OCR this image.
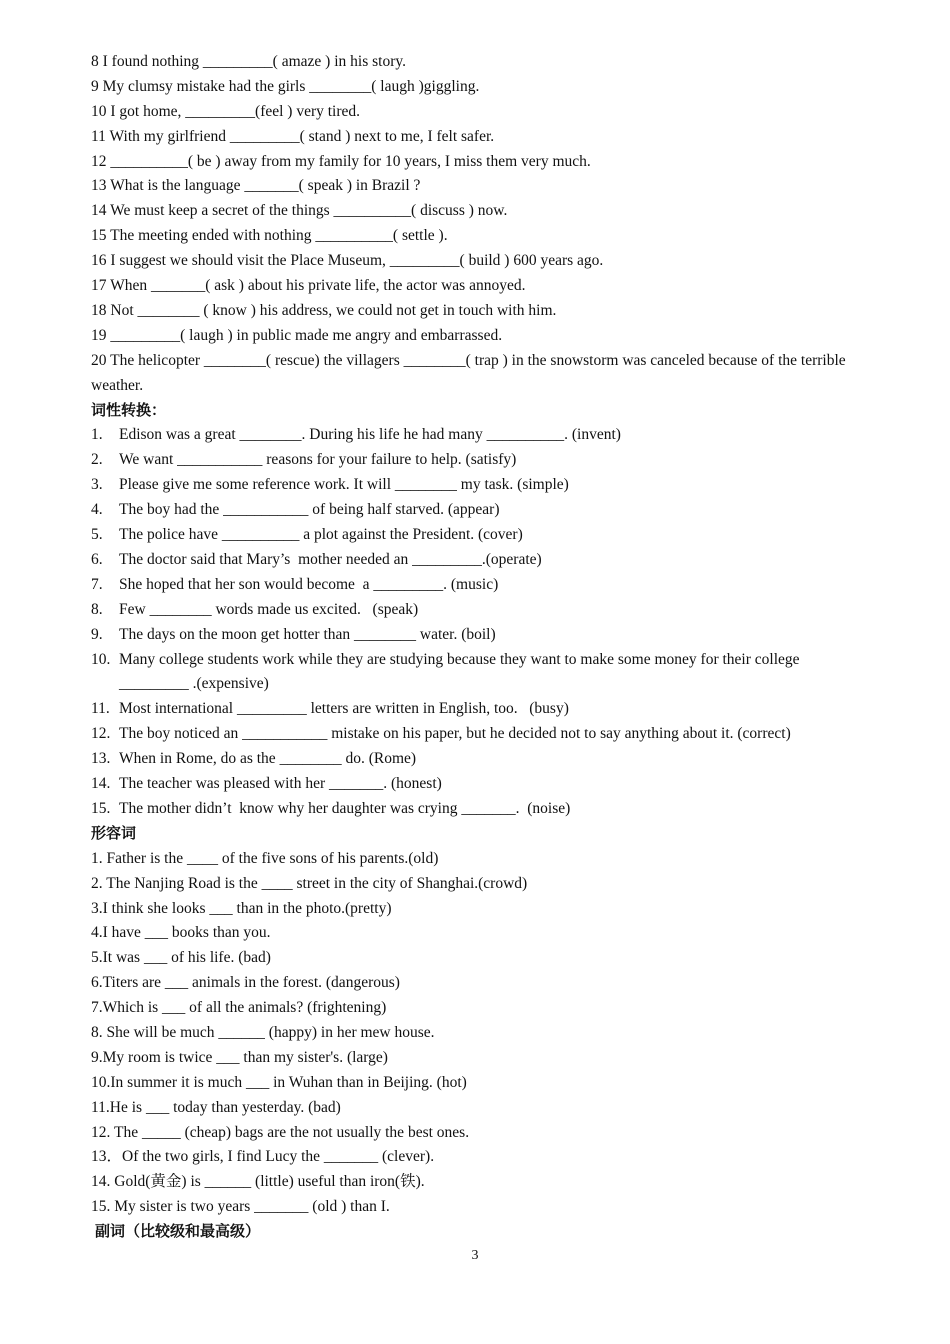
8 I found nothing _________( amaze ) in his story.
9 My clumsy mistake had the girls ________( laugh )giggling.
10 I got home, _________(feel ) very tired.
11 With my girlfriend _________( stand ) next to me, I felt safer.
12 __________( be ) away from my family for 10 years, I miss them very much.
13 What is the language _______( speak ) in Brazil ?
14 We must keep a secret of the things __________( discuss ) now.
15 The meeting ended with nothing __________( settle ).
16 I suggest we should visit the Place Museum, _________( build ) 600 years ago.
17 When _______( ask ) about his private life, the actor was annoyed.
18 Not ________ ( know ) his address, we could not get in touch with him.
19 _________( laugh ) in public made me angry and embarrassed.
20 The helicopter ________( rescue) the villagers ________( trap ) in the snowstorm was canceled because of the terrible weather.
词性转换：
1.	Edison was a great ________. During his life he had many __________. (invent)
2.	We want ___________ reasons for your failure to help. (satisfy)
3.	Please give me some reference work. It will ________ my task. (simple)
4.	The boy had the ___________ of being half starved. (appear)
5.	The police have __________ a plot against the President. (cover)
6.	The doctor said that Mary’s  mother needed an _________.(operate)
7.	She hoped that her son would become  a _________. (music)
8.	Few ________ words made us excited.   (speak)
9.	The days on the moon get hotter than ________ water. (boil)
10. Many college students work while they are studying because they want to make some money for their college _________ .(expensive)
11. Most international _________ letters are written in English, too.   (busy)
12. The boy noticed an ___________ mistake on his paper, but he decided not to say anything about it. (correct)
13. When in Rome, do as the ________ do. (Rome)
14. The teacher was pleased with her _______. (honest)
15. The mother didn’t  know why her daughter was crying _______.  (noise)
形容词
1. Father is the ____ of the five sons of his parents.(old)
2. The Nanjing Road is the ____ street in the city of Shanghai.(crowd)
3.I think she looks ___ than in the photo.(pretty)
4.I have ___ books than you.
5.It was ___ of his life. (bad)
6.Titers are ___ animals in the forest. (dangerous)
7.Which is ___ of all the animals? (frightening)
8. She will be much ______ (happy) in her mew house.
9.My room is twice ___ than my sister's. (large)
10.In summer it is much ___ in Wuhan than in Beijing. (hot)
11.He is ___ today than yesterday. (bad)
12. The _____ (cheap) bags are the not usually the best ones.
13．Of the two girls, I find Lucy the _______ (clever).
14. Gold(黄金) is ______ (little) useful than iron(铁).
15. My sister is two years _______ (old ) than I.
副词（比较级和最高级）
3
